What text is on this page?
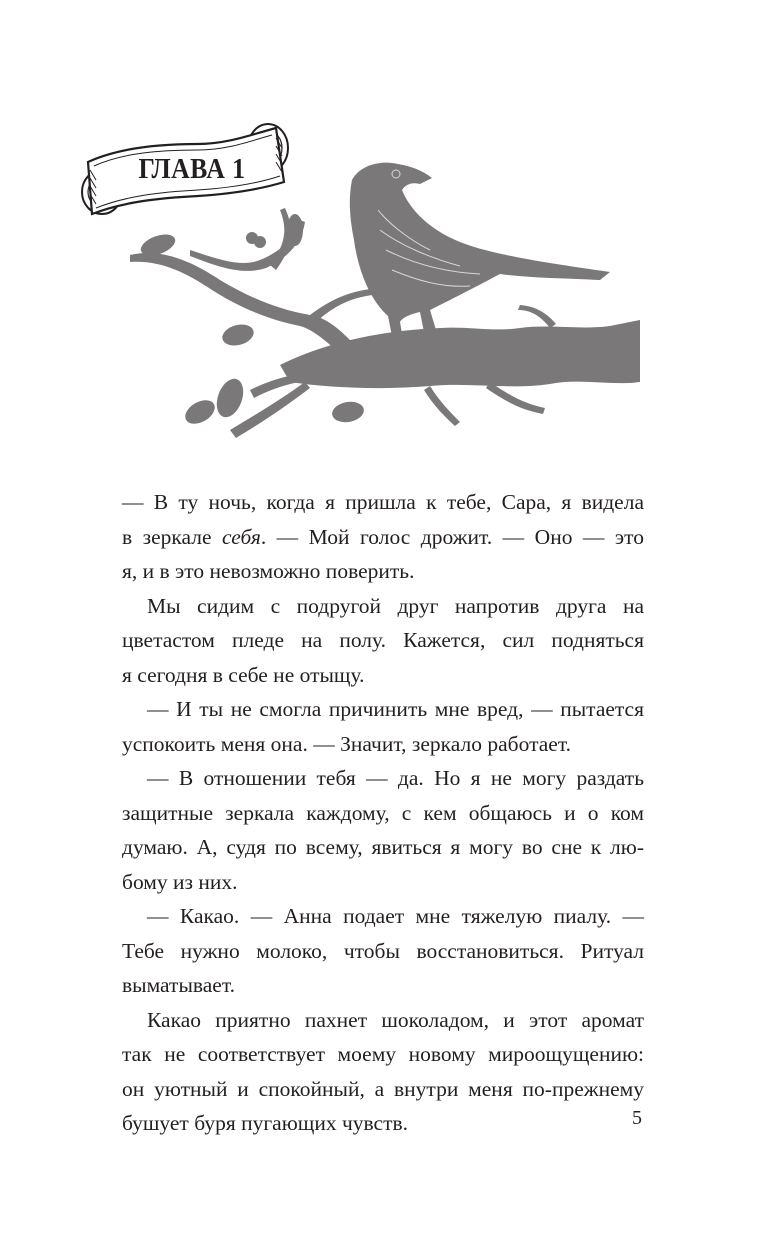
ГЛАВА 1
— В ту ночь, когда я пришла к тебе, Сара, я видела
в зеркале себя. — Мой голос дрожит. — Оно — это
я, и в это невозможно поверить.
Мы сидим с подругой друг напротив друга на
цветастом пледе на полу. Кажется, сил подняться
я сегодня в себе не отыщу.
— И ты не смогла причинить мне вред, — пытается
успокоить меня она. — Значит, зеркало работает.
— В отношении тебя — да. Но я не могу раздать
защитные зеркала каждому, с кем общаюсь и о ком
думаю. А, судя по всему, явиться я могу во сне к лю-
бому из них.
— Какао. — Анна подает мне тяжелую пиалу. —
Тебе нужно молоко, чтобы восстановиться. Ритуал
выматывает.
Какао приятно пахнет шоколадом, и этот аромат
так не соответствует моему новому мироощущению:
он уютный и спокойный, а внутри меня по-прежнему
бушует буря пугающих чувств.	5
